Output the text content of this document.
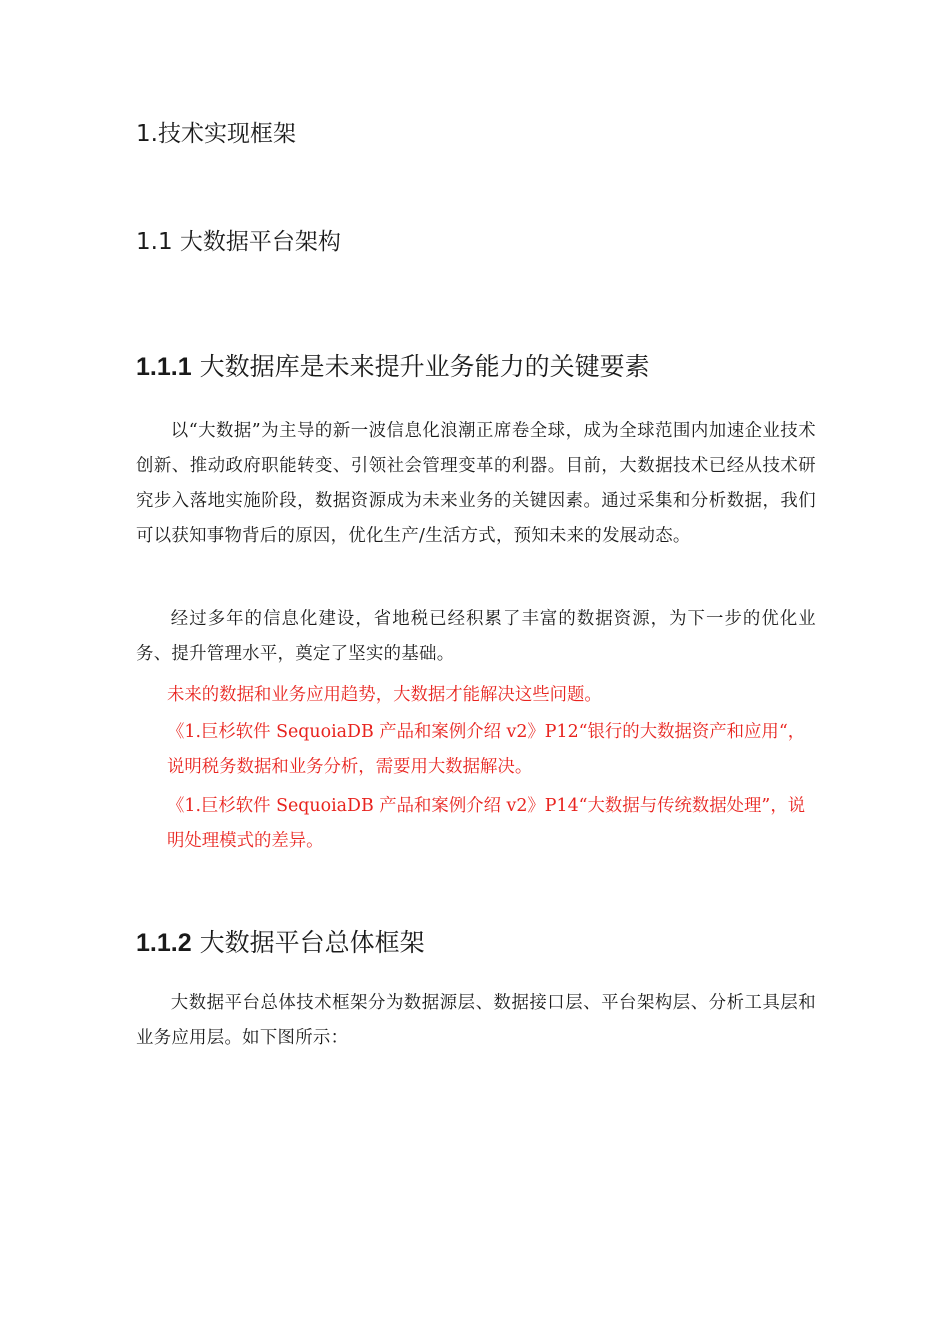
1.技术实现框架
1.1 大数据平台架构
1.1.1 大数据库是未来提升业务能力的关键要素

以“大数据”为主导的新一波信息化浪潮正席卷全球，成为全球范围内加速企业技术创新、推动政府职能转变、引领社会管理变革的利器。目前，大数据技术已经从技术研究步入落地实施阶段，数据资源成为未来业务的关键因素。通过采集和分析数据，我们可以获知事物背后的原因，优化生产/生活方式，预知未来的发展动态。

经过多年的信息化建设，省地税已经积累了丰富的数据资源，为下一步的优化业务、提升管理水平，奠定了坚实的基础。

未来的数据和业务应用趋势，大数据才能解决这些问题。

《1.巨杉软件 SequoiaDB 产品和案例介绍 v2》P12“银行的大数据资产和应用“，说明税务数据和业务分析，需要用大数据解决。

《1.巨杉软件 SequoiaDB 产品和案例介绍 v2》P14“大数据与传统数据处理”，说明处理模式的差异。

1.1.2 大数据平台总体框架

大数据平台总体技术框架分为数据源层、数据接口层、平台架构层、分析工具层和业务应用层。如下图所示：
